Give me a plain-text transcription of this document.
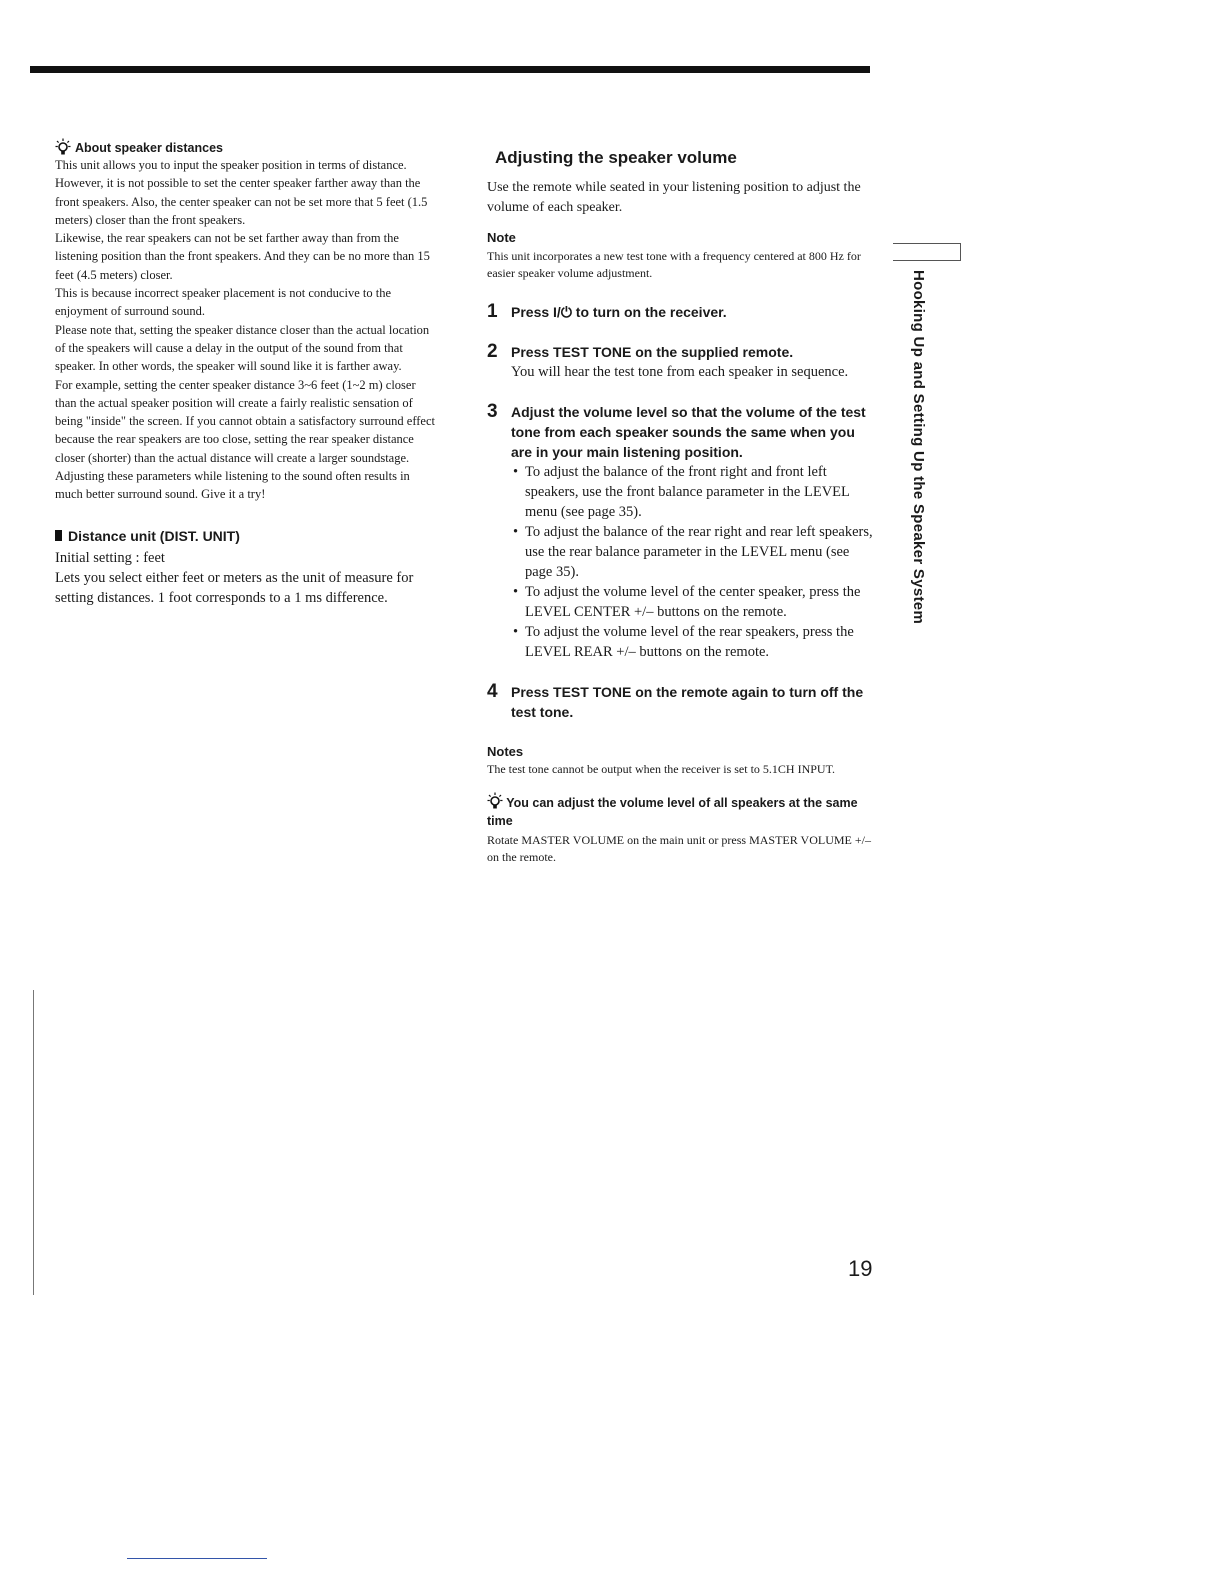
About speaker distances

This unit allows you to input the speaker position in terms of distance. However, it is not possible to set the center speaker farther away than the front speakers. Also, the center speaker can not be set more that 5 feet (1.5 meters) closer than the front speakers.

Likewise, the rear speakers can not be set farther away than from the listening position than the front speakers. And they can be no more than 15 feet (4.5 meters) closer.

This is because incorrect speaker placement is not conducive to the enjoyment of surround sound.

Please note that, setting the speaker distance closer than the actual location of the speakers will cause a delay in the output of the sound from that speaker. In other words, the speaker will sound like it is farther away.

For example, setting the center speaker distance 3~6 feet (1~2 m) closer than the actual speaker position will create a fairly realistic sensation of being "inside" the screen. If you cannot obtain a satisfactory surround effect because the rear speakers are too close, setting the rear speaker distance closer (shorter) than the actual distance will create a larger soundstage.

Adjusting these parameters while listening to the sound often results in much better surround sound. Give it a try!

Distance unit (DIST. UNIT)

Initial setting : feet

Lets you select either feet or meters as the unit of measure for setting distances. 1 foot corresponds to a 1 ms difference.

Adjusting the speaker volume

Use the remote while seated in your listening position to adjust the volume of each speaker.

Note

This unit incorporates a new test tone with a frequency centered at 800 Hz for easier speaker volume adjustment.

1 Press I/⏻ to turn on the receiver.

2 Press TEST TONE on the supplied remote.

You will hear the test tone from each speaker in sequence.

3 Adjust the volume level so that the volume of the test tone from each speaker sounds the same when you are in your main listening position.

• To adjust the balance of the front right and front left speakers, use the front balance parameter in the LEVEL menu (see page 35).
• To adjust the balance of the rear right and rear left speakers, use the rear balance parameter in the LEVEL menu (see page 35).
• To adjust the volume level of the center speaker, press the LEVEL CENTER +/– buttons on the remote.
• To adjust the volume level of the rear speakers, press the LEVEL REAR +/– buttons on the remote.
4 Press TEST TONE on the remote again to turn off the test tone.

Notes

The test tone cannot be output when the receiver is set to 5.1CH INPUT.

You can adjust the volume level of all speakers at the same time

Rotate MASTER VOLUME on the main unit or press MASTER VOLUME +/– on the remote.

Hooking Up and Setting Up the Speaker System
19
